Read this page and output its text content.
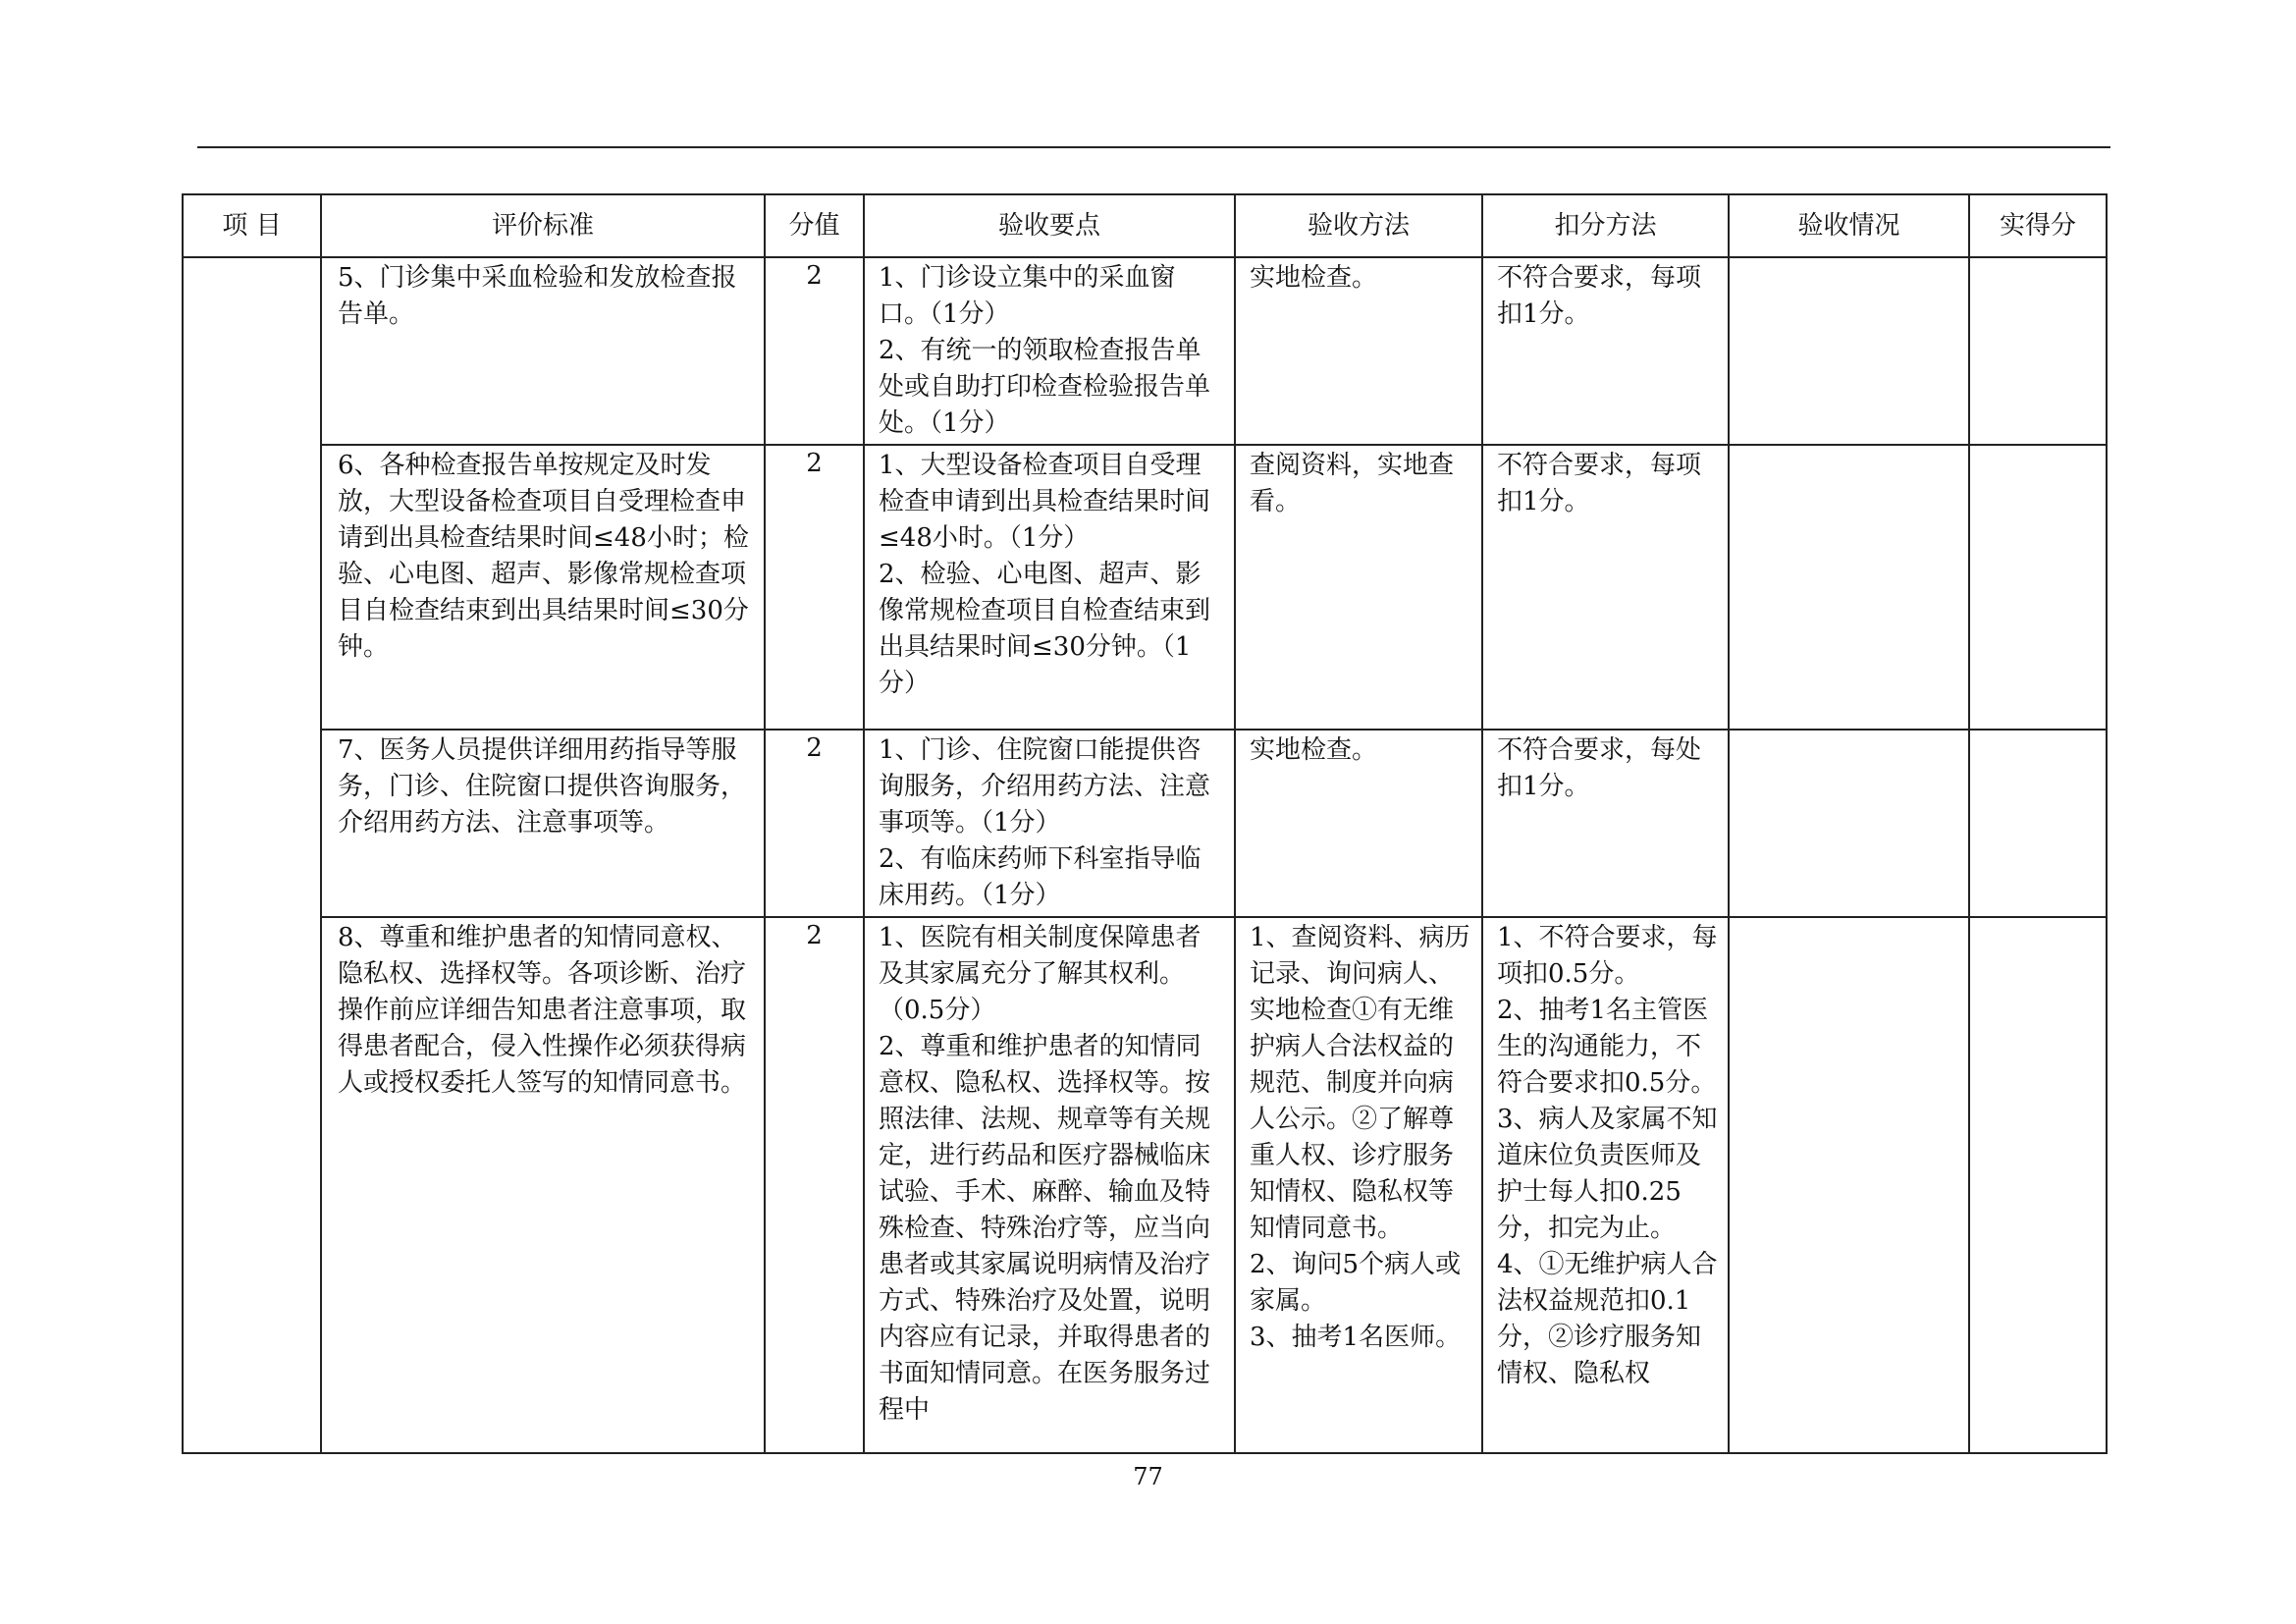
项 目	评价标准	分值	验收要点	验收方法	扣分方法	验收情况	实得分

	5、门诊集中采血检验和发放检查报告单。	2	1、门诊设立集中的采血窗口。（1分）
2、有统一的领取检查报告单处或自助打印检查检验报告单处。（1分）	实地检查。	不符合要求，每项扣1分。		

	6、各种检查报告单按规定及时发放，大型设备检查项目自受理检查申请到出具检查结果时间≤48小时；检验、心电图、超声、影像常规检查项目自检查结束到出具结果时间≤30分钟。	2	1、大型设备检查项目自受理检查申请到出具检查结果时间≤48小时。（1分）
2、检验、心电图、超声、影像常规检查项目自检查结束到出具结果时间≤30分钟。（1分）	查阅资料，实地查看。	不符合要求，每项扣1分。		

	7、医务人员提供详细用药指导等服务，门诊、住院窗口提供咨询服务，介绍用药方法、注意事项等。	2	1、门诊、住院窗口能提供咨询服务，介绍用药方法、注意事项等。（1分）
2、有临床药师下科室指导临床用药。（1分）	实地检查。	不符合要求，每处扣1分。		

	8、尊重和维护患者的知情同意权、隐私权、选择权等。各项诊断、治疗操作前应详细告知患者注意事项，取得患者配合，侵入性操作必须获得病人或授权委托人签写的知情同意书。	2	1、医院有相关制度保障患者及其家属充分了解其权利。（0.5分）
2、尊重和维护患者的知情同意权、隐私权、选择权等。按照法律、法规、规章等有关规定，进行药品和医疗器械临床试验、手术、麻醉、输血及特殊检查、特殊治疗等，应当向患者或其家属说明病情及治疗方式、特殊治疗及处置，说明内容应有记录，并取得患者的书面知情同意。在医务服务过程中	1、查阅资料、病历记录、询问病人、实地检查①有无维护病人合法权益的规范、制度并向病人公示。②了解尊重人权、诊疗服务知情权、隐私权等知情同意书。
2、询问5个病人或家属。
3、抽考1名医师。	1、不符合要求，每项扣0.5分。
2、抽考1名主管医生的沟通能力，不符合要求扣0.5分。
3、病人及家属不知道床位负责医师及护士每人扣0.25分，扣完为止。
4、①无维护病人合法权益规范扣0.1分，②诊疗服务知情权、隐私权		

77
